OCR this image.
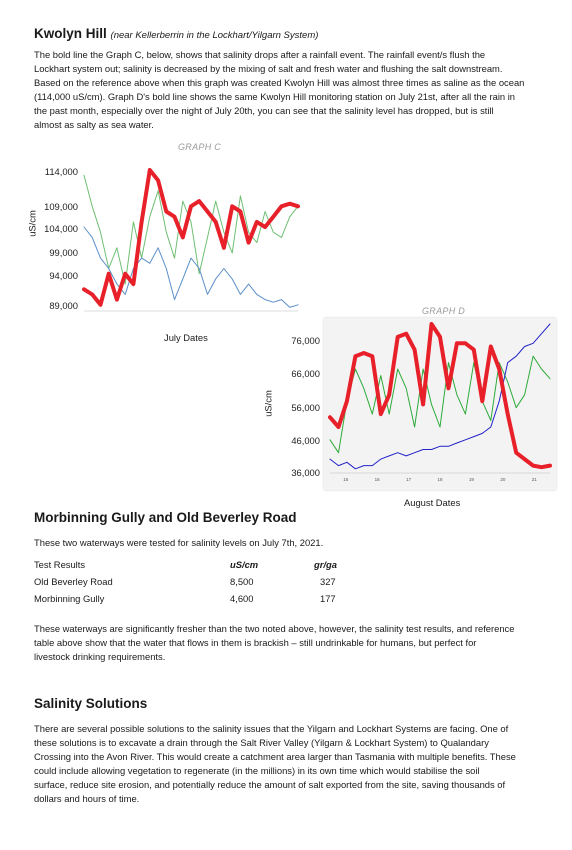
Kwolyn Hill (near Kellerberrin in the Lockhart/Yilgarn System)

The bold line the Graph C, below, shows that salinity drops after a rainfall event. The rainfall event/s flush the

Lockhart system out; salinity is decreased by the mixing of salt and fresh water and flushing the salt downstream.

Based on the reference above when this graph was created Kwolyn Hill was almost three times as saline as the ocean

(114,000 uS/cm). Graph D's bold line shows the same Kwolyn Hill monitoring station on July 21st, after all the rain in

the past month, especially over the night of July 20th, you can see that the salinity level has dropped, but is still

almost as salty as sea water.

GRAPH C
uS/cm
114,000
109,000
104,000
99,000
94,000
89,000
July Dates
GRAPH D
uS/cm
76,000
66,000
56,000
46,000
36,000
15	16	17	18	19	20	21
August Dates
Morbinning Gully and Old Beverley Road
These two waterways were tested for salinity levels on July 7th, 2021.
Test Results	uS/cm	gr/ga
Old Beverley Road	8,500	327
Morbinning Gully	4,600	177

These waterways are significantly fresher than the two noted above, however, the salinity test results, and reference

table above show that the water that flows in them is brackish – still undrinkable for humans, but perfect for

livestock drinking requirements.

Salinity Solutions

There are several possible solutions to the salinity issues that the Yilgarn and Lockhart Systems are facing. One of

these solutions is to excavate a drain through the Salt River Valley (Yilgarn & Lockhart System) to Qualandary

Crossing into the Avon River. This would create a catchment area larger than Tasmania with multiple benefits. These

could include allowing vegetation to regenerate (in the millions) in its own time which would stabilise the soil

surface, reduce site erosion, and potentially reduce the amount of salt exported from the site, saving thousands of

dollars and hours of time.
